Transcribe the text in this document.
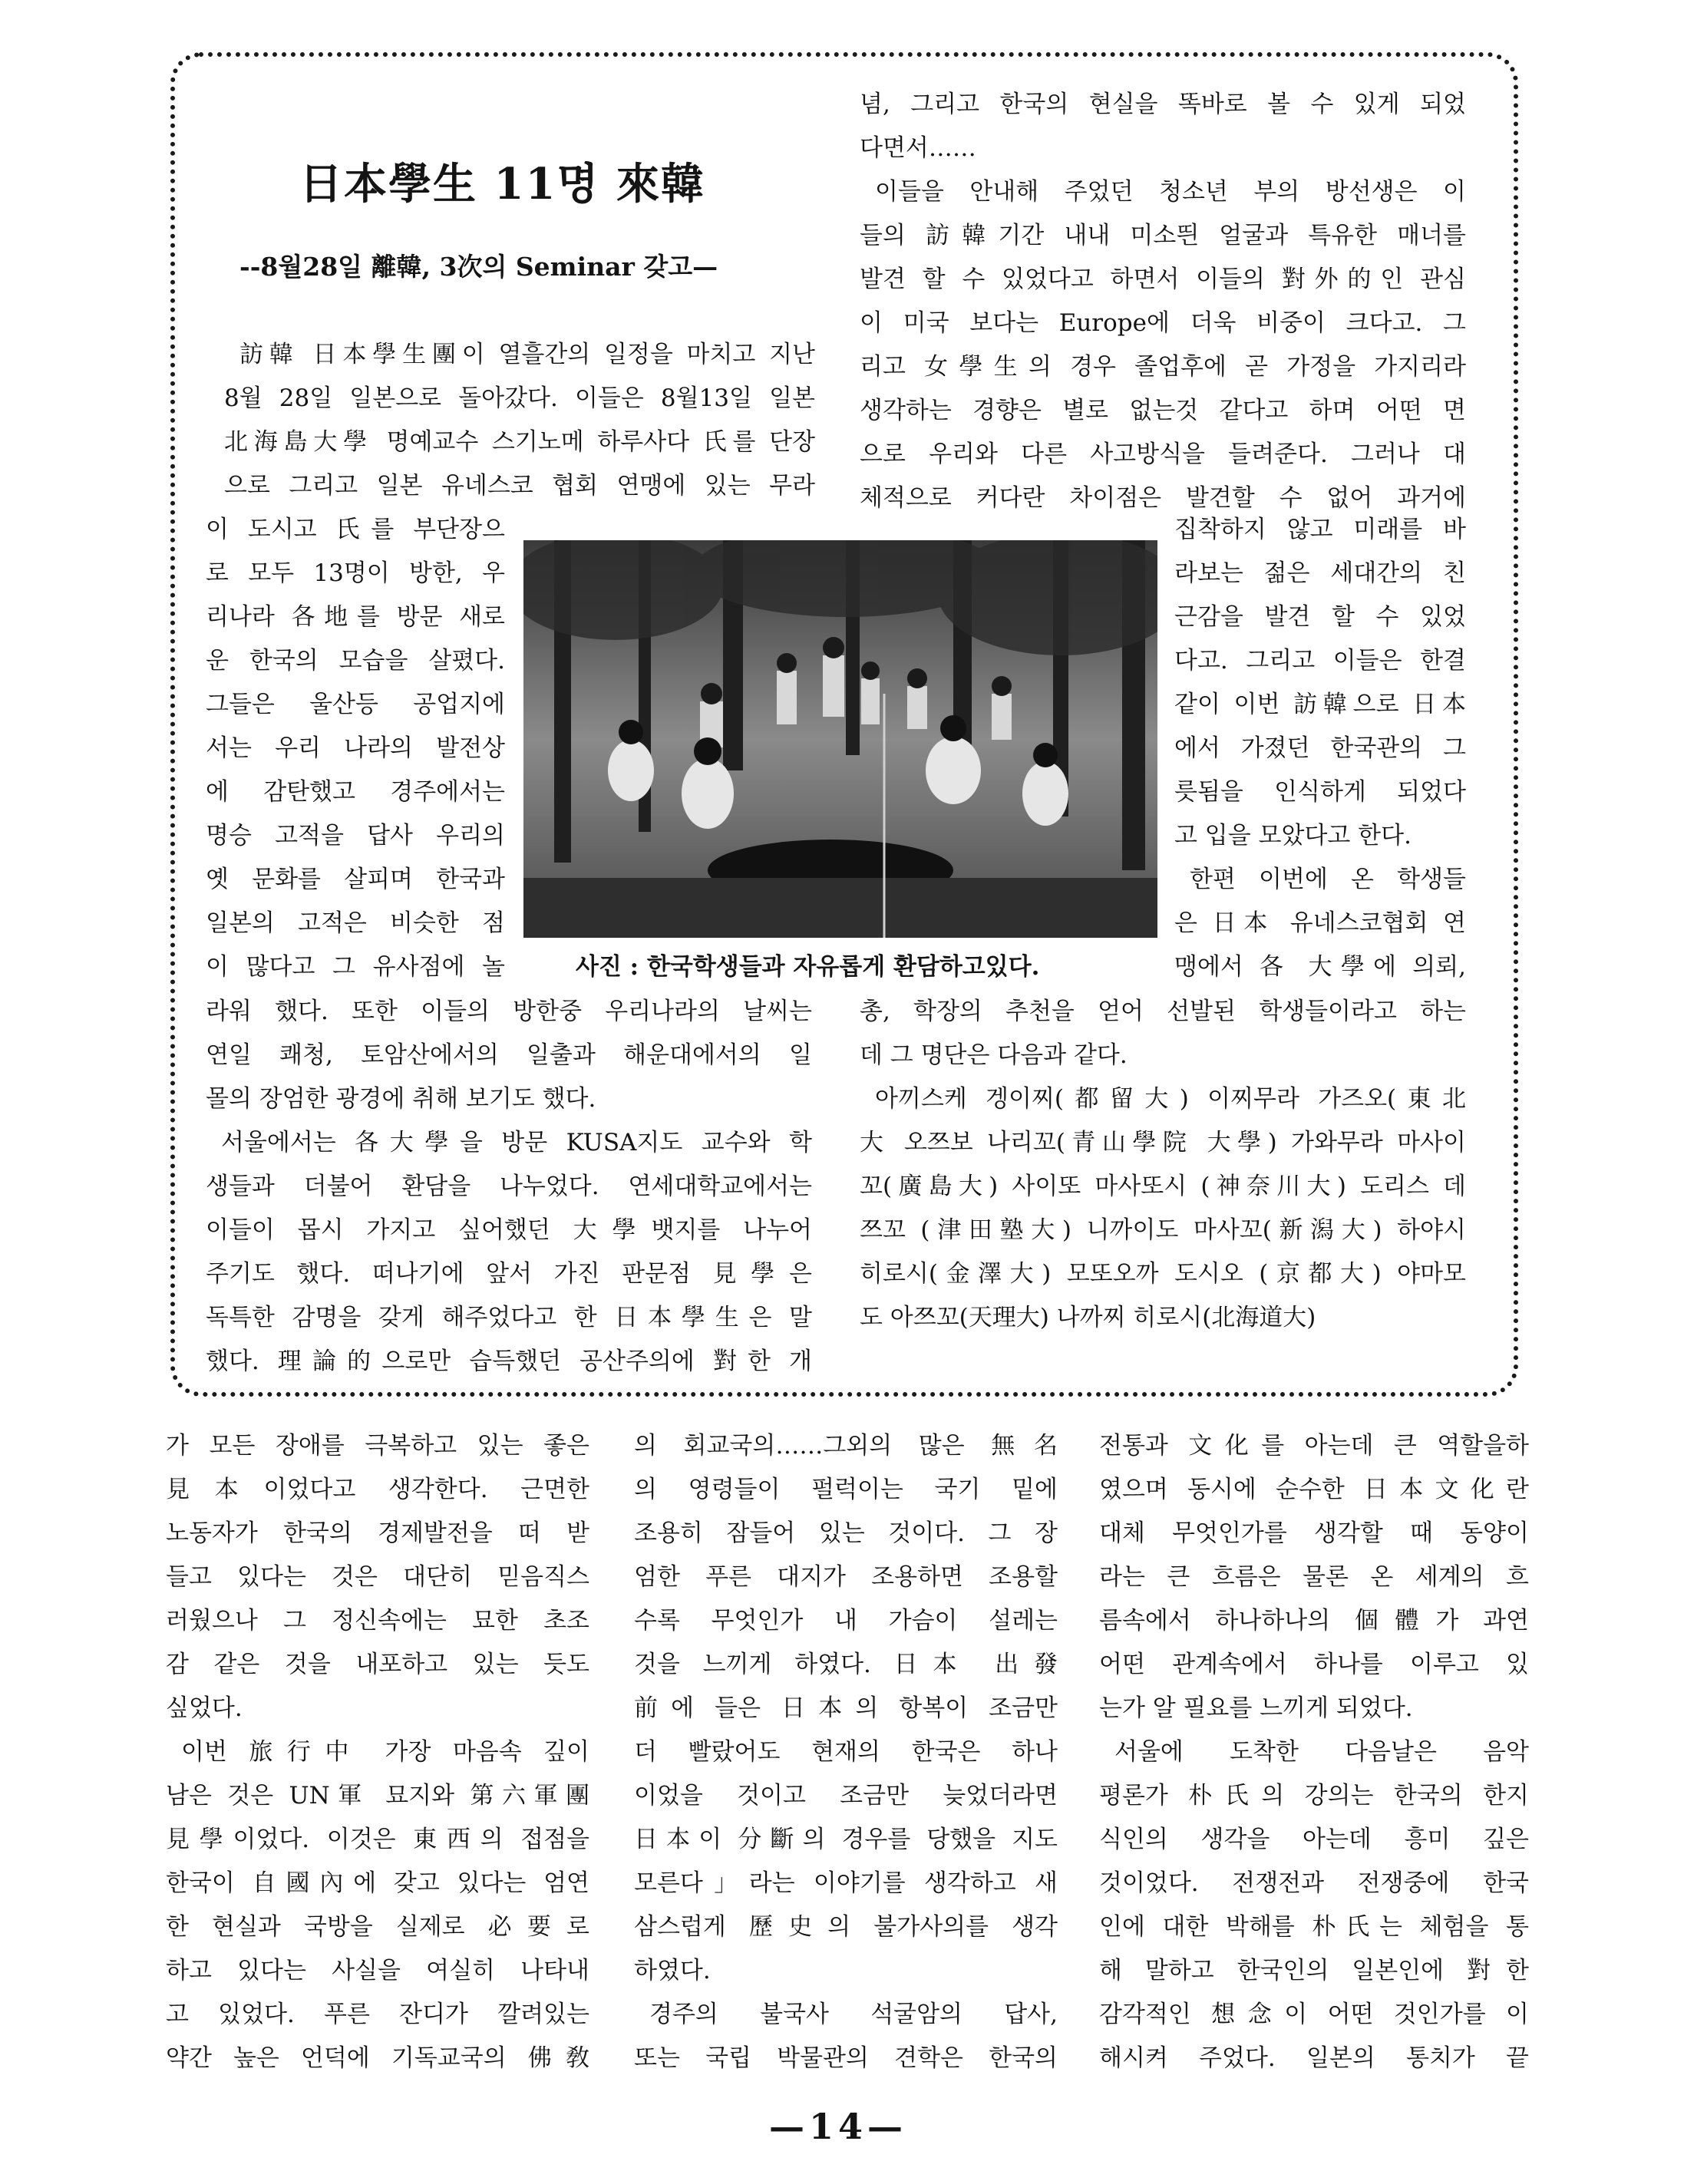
日本學生 11명 來韓

--8월28일 離韓, 3次의 Seminar 갖고—

訪韓 日本學生團이 열흘간의 일정을 마치고 지난

8월 28일 일본으로 돌아갔다. 이들은 8월13일 일본

北海島大學 명예교수 스기노메 하루사다 氏를 단장

으로 그리고 일본 유네스코 협회 연맹에 있는 무라

이 도시고 氏를 부단장으

로 모두 13명이 방한, 우

리나라 各地를 방문 새로

운 한국의 모습을 살폈다.

그들은 울산등 공업지에

서는 우리 나라의 발전상

에 감탄했고 경주에서는

명승 고적을 답사 우리의

옛 문화를 살피며 한국과

일본의 고적은 비슷한 점

이 많다고 그 유사점에 놀

라워 했다. 또한 이들의 방한중 우리나라의 날씨는

연일 쾌청, 토암산에서의 일출과 해운대에서의 일

몰의 장엄한 광경에 취해 보기도 했다.

서울에서는 各大學을 방문 KUSA지도 교수와 학

생들과 더불어 환담을 나누었다. 연세대학교에서는

이들이 몹시 가지고 싶어했던 大學뱃지를 나누어

주기도 했다. 떠나기에 앞서 가진 판문점 見學은

독특한 감명을 갖게 해주었다고 한 日本學生은 말

했다. 理論的으로만 습득했던 공산주의에 對한 개

념, 그리고 한국의 현실을 똑바로 볼 수 있게 되었

다면서……

이들을 안내해 주었던 청소년 부의 방선생은 이

들의 訪韓기간 내내 미소띈 얼굴과 특유한 매너를

발견 할 수 있었다고 하면서 이들의 對外的인 관심

이 미국 보다는 Europe에 더욱 비중이 크다고. 그

리고 女學生의 경우 졸업후에 곧 가정을 가지리라

생각하는 경향은 별로 없는것 같다고 하며 어떤 면

으로 우리와 다른 사고방식을 들려준다. 그러나 대

체적으로 커다란 차이점은 발견할 수 없어 과거에

집착하지 않고 미래를 바

라보는 젊은 세대간의 친

근감을 발견 할 수 있었

다고. 그리고 이들은 한결

같이 이번 訪韓으로 日本

에서 가졌던 한국관의 그

릇됨을 인식하게 되었다

고 입을 모았다고 한다.

한편 이번에 온 학생들

은 日本 유네스코협회 연

맹에서 各 大學에 의뢰,

총, 학장의 추천을 얻어 선발된 학생들이라고 하는

데 그 명단은 다음과 같다.

아끼스케 겡이찌(都留大) 이찌무라 가즈오(東北

大 오쯔보 나리꼬(青山學院 大學) 가와무라 마사이

꼬(廣島大) 사이또 마사또시 (神奈川大) 도리스 데

쯔꼬 (津田塾大) 니까이도 마사꼬(新潟大) 하야시

히로시(金澤大) 모또오까 도시오 (京都大) 야마모

도 아쯔꼬(天理大) 나까찌 히로시(北海道大)

사진 : 한국학생들과 자유롭게 환담하고있다.

가 모든 장애를 극복하고 있는 좋은

見本이었다고 생각한다. 근면한

노동자가 한국의 경제발전을 떠 받

들고 있다는 것은 대단히 믿음직스

러웠으나 그 정신속에는 묘한 초조

감 같은 것을 내포하고 있는 듯도

싶었다.

이번 旅行中 가장 마음속 깊이

남은 것은 UN軍 묘지와 第六軍團

見學이었다. 이것은 東西의 접점을

한국이 自國內에 갖고 있다는 엄연

한 현실과 국방을 실제로 必要로

하고 있다는 사실을 여실히 나타내

고 있었다. 푸른 잔디가 깔려있는

약간 높은 언덕에 기독교국의 佛敎

의 회교국의……그외의 많은 無名

의 영령들이 펄럭이는 국기 밑에

조용히 잠들어 있는 것이다. 그 장

엄한 푸른 대지가 조용하면 조용할

수록 무엇인가 내 가슴이 설레는

것을 느끼게 하였다. 日本 出發

前에 들은 日本의 항복이 조금만

더 빨랐어도 현재의 한국은 하나

이었을 것이고 조금만 늦었더라면

日本이 分斷의 경우를 당했을 지도

모른다」라는 이야기를 생각하고 새

삼스럽게 歷史의 불가사의를 생각

하였다.

경주의 불국사 석굴암의 답사,

또는 국립 박물관의 견학은 한국의

전통과 文化를 아는데 큰 역할을하

였으며 동시에 순수한 日本文化란

대체 무엇인가를 생각할 때 동양이

라는 큰 흐름은 물론 온 세계의 흐

름속에서 하나하나의 個體가 과연

어떤 관계속에서 하나를 이루고 있

는가 알 필요를 느끼게 되었다.

서울에 도착한 다음날은 음악

평론가 朴氏의 강의는 한국의 한지

식인의 생각을 아는데 흥미 깊은

것이었다. 전쟁전과 전쟁중에 한국

인에 대한 박해를 朴氏는 체험을 통

해 말하고 한국인의 일본인에 對한

감각적인 想念이 어떤 것인가를 이

해시켜 주었다. 일본의 통치가 끝

—14—
